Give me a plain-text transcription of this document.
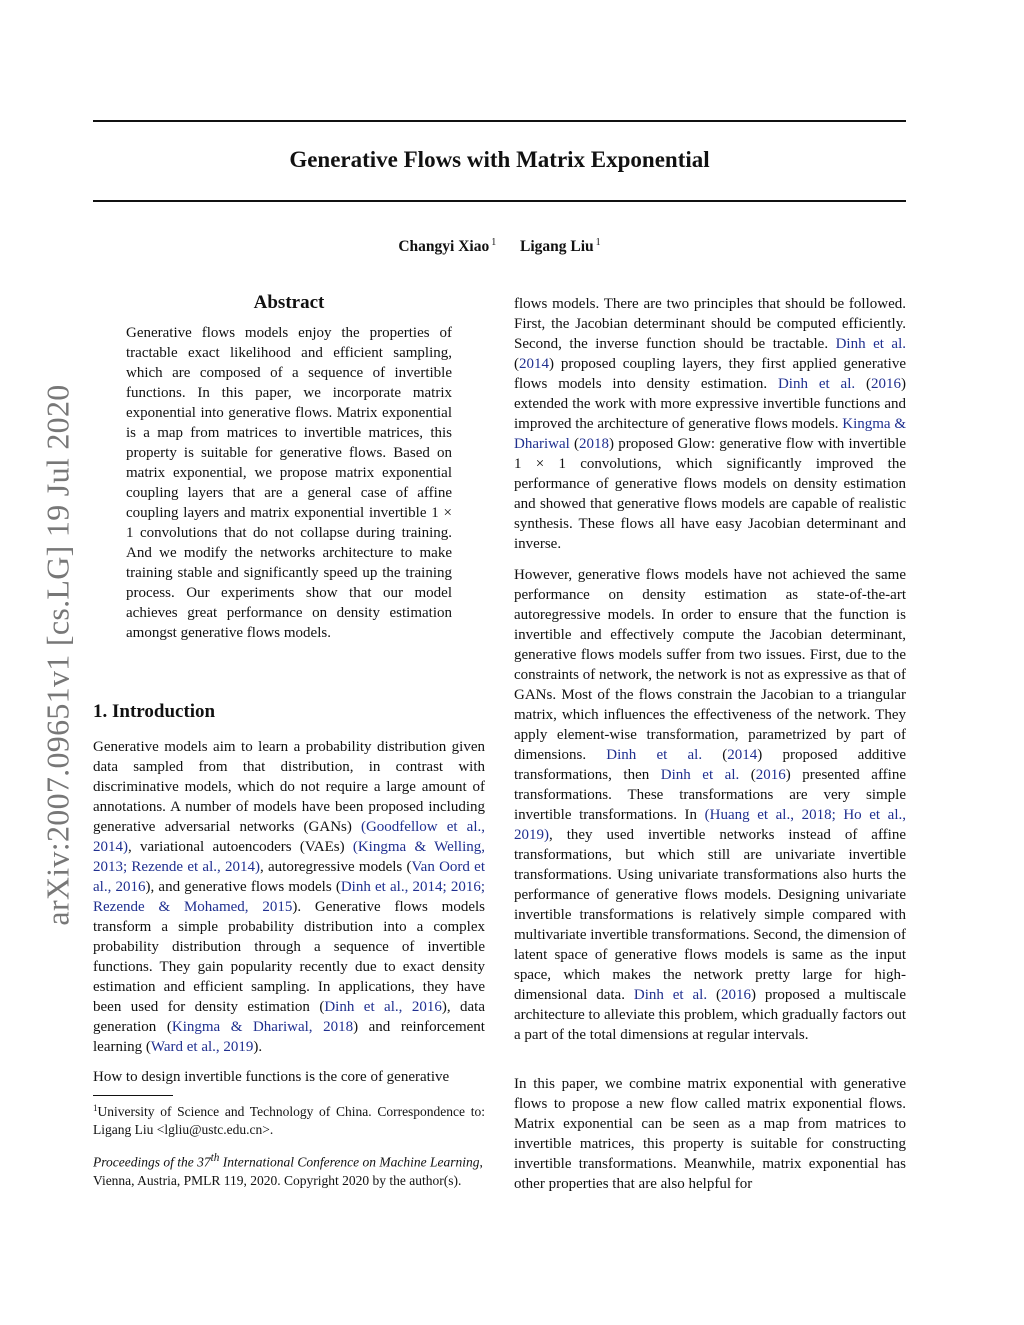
Generative Flows with Matrix Exponential
Changyi Xiao $^1$ Ligang Liu $^1$
arXiv:2007.09651v1 [cs.LG] 19 Jul 2020
Abstract

Generative flows models enjoy the properties of tractable exact likelihood and efficient sampling, which are composed of a sequence of invertible functions. In this paper, we incorporate matrix exponential into generative flows. Matrix exponential is a map from matrices to invertible matrices, this property is suitable for generative flows. Based on matrix exponential, we propose matrix exponential coupling layers that are a general case of affine coupling layers and matrix exponential invertible 1 × 1 convolutions that do not collapse during training. And we modify the networks architecture to make training stable and significantly speed up the training process. Our experiments show that our model achieves great performance on density estimation amongst generative flows models.

1. Introduction

Generative models aim to learn a probability distribution given data sampled from that distribution, in contrast with discriminative models, which do not require a large amount of annotations. A number of models have been proposed including generative adversarial networks (GANs) (Goodfellow et al., 2014), variational autoencoders (VAEs) (Kingma & Welling, 2013; Rezende et al., 2014), autoregressive models (Van Oord et al., 2016), and generative flows models (Dinh et al., 2014; 2016; Rezende & Mohamed, 2015). Generative flows models transform a simple probability distribution into a complex probability distribution through a sequence of invertible functions. They gain popularity recently due to exact density estimation and efficient sampling. In applications, they have been used for density estimation (Dinh et al., 2016), data generation (Kingma & Dhariwal, 2018) and reinforcement learning (Ward et al., 2019).

How to design invertible functions is the core of generative

$^1$University of Science and Technology of China. Correspondence to: Ligang Liu <lgliu@ustc.edu.cn>.

Proceedings of the 37th International Conference on Machine Learning, Vienna, Austria, PMLR 119, 2020. Copyright 2020 by the author(s).

flows models. There are two principles that should be followed. First, the Jacobian determinant should be computed efficiently. Second, the inverse function should be tractable. Dinh et al. (2014) proposed coupling layers, they first applied generative flows models into density estimation. Dinh et al. (2016) extended the work with more expressive invertible functions and improved the architecture of generative flows models. Kingma & Dhariwal (2018) proposed Glow: generative flow with invertible 1 × 1 convolutions, which significantly improved the performance of generative flows models on density estimation and showed that generative flows models are capable of realistic synthesis. These flows all have easy Jacobian determinant and inverse.

However, generative flows models have not achieved the same performance on density estimation as state-of-the-art autoregressive models. In order to ensure that the function is invertible and effectively compute the Jacobian determinant, generative flows models suffer from two issues. First, due to the constraints of network, the network is not as expressive as that of GANs. Most of the flows constrain the Jacobian to a triangular matrix, which influences the effectiveness of the network. They apply element-wise transformation, parametrized by part of dimensions. Dinh et al. (2014) proposed additive transformations, then Dinh et al. (2016) presented affine transformations. These transformations are very simple invertible transformations. In (Huang et al., 2018; Ho et al., 2019), they used invertible networks instead of affine transformations, but which still are univariate invertible transformations. Using univariate transformations also hurts the performance of generative flows models. Designing univariate invertible transformations is relatively simple compared with multivariate invertible transformations. Second, the dimension of latent space of generative flows models is same as the input space, which makes the network pretty large for high-dimensional data. Dinh et al. (2016) proposed a multiscale architecture to alleviate this problem, which gradually factors out a part of the total dimensions at regular intervals.

In this paper, we combine matrix exponential with generative flows to propose a new flow called matrix exponential flows. Matrix exponential can be seen as a map from matrices to invertible matrices, this property is suitable for constructing invertible transformations. Meanwhile, matrix exponential has other properties that are also helpful for
